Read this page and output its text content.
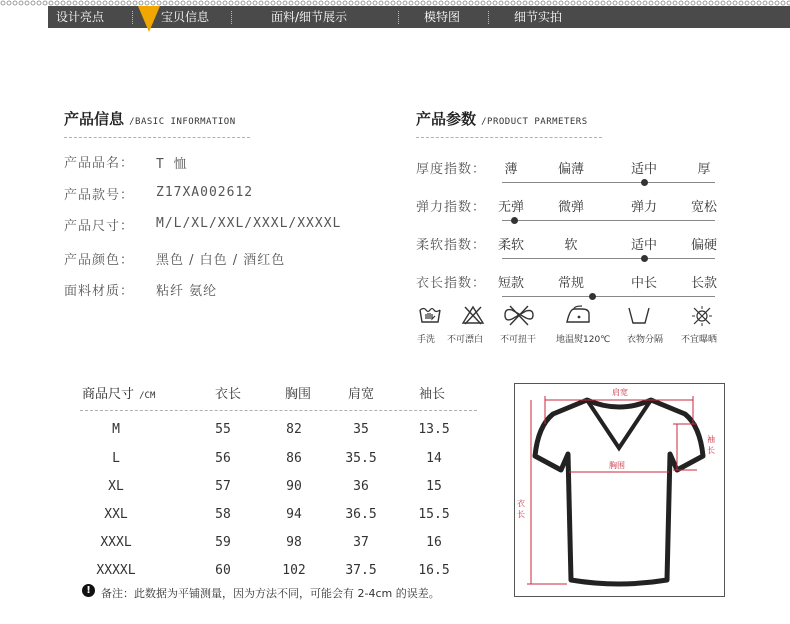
设计亮点	宝贝信息	面料/细节展示	模特图	细节实拍
产品信息 /BASIC INFORMATION
产品品名： T 恤
产品款号： Z17XA002612
产品尺寸： M/L/XL/XXL/XXXL/XXXXL
产品颜色： 黑色 / 白色 / 酒红色
面料材质： 粘纤 氨纶
产品参数 /PRODUCT PARMETERS
厚度指数：	薄	偏薄	适中	厚
弹力指数： 无弹	微弹	弹力	宽松
柔软指数： 柔软	软	适中	偏硬
衣长指数： 短款	常规	中长	长款
手洗 不可漂白 不可扭干 地温熨120℃ 衣物分隔 不宜曝晒
商品尺寸 /CM	衣长	胸围	肩宽	袖长
M	55	82	35	13.5
L	56	86	35.5	14
XL	57	90	36	15
XXL	58	94	36.5	15.5
XXXL	59	98	37	16
XXXXL	60	102	37.5	16.5
! 备注：此数据为平铺测量，因为方法不同，可能会有 2-4cm 的误差。
肩宽
袖长
胸围
衣长
